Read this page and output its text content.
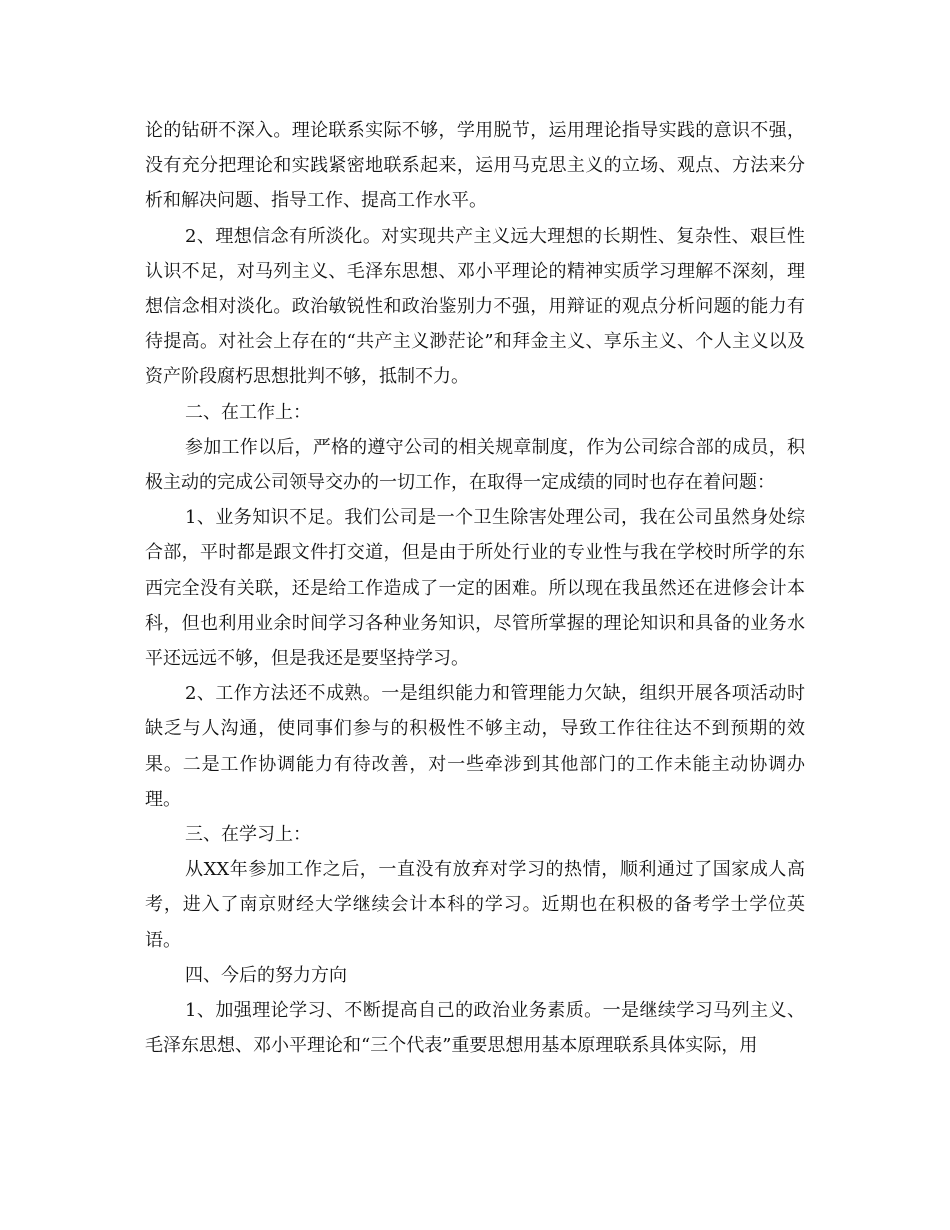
论的钻研不深入。理论联系实际不够，学用脱节，运用理论指导实践的意识不强，没有充分把理论和实践紧密地联系起来，运用马克思主义的立场、观点、方法来分析和解决问题、指导工作、提高工作水平。

2、理想信念有所淡化。对实现共产主义远大理想的长期性、复杂性、艰巨性认识不足，对马列主义、毛泽东思想、邓小平理论的精神实质学习理解不深刻，理想信念相对淡化。政治敏锐性和政治鉴别力不强，用辩证的观点分析问题的能力有待提高。对社会上存在的“共产主义渺茫论”和拜金主义、享乐主义、个人主义以及资产阶段腐朽思想批判不够，抵制不力。

二、在工作上：

参加工作以后，严格的遵守公司的相关规章制度，作为公司综合部的成员，积极主动的完成公司领导交办的一切工作，在取得一定成绩的同时也存在着问题：

1、业务知识不足。我们公司是一个卫生除害处理公司，我在公司虽然身处综合部，平时都是跟文件打交道，但是由于所处行业的专业性与我在学校时所学的东西完全没有关联，还是给工作造成了一定的困难。所以现在我虽然还在进修会计本科，但也利用业余时间学习各种业务知识，尽管所掌握的理论知识和具备的业务水平还远远不够，但是我还是要坚持学习。

2、工作方法还不成熟。一是组织能力和管理能力欠缺，组织开展各项活动时缺乏与人沟通，使同事们参与的积极性不够主动，导致工作往往达不到预期的效果。二是工作协调能力有待改善，对一些牵涉到其他部门的工作未能主动协调办理。

三、在学习上：

从XX年参加工作之后，一直没有放弃对学习的热情，顺利通过了国家成人高考，进入了南京财经大学继续会计本科的学习。近期也在积极的备考学士学位英语。

四、今后的努力方向

1、加强理论学习、不断提高自己的政治业务素质。一是继续学习马列主义、毛泽东思想、邓小平理论和“三个代表”重要思想用基本原理联系具体实际，用
